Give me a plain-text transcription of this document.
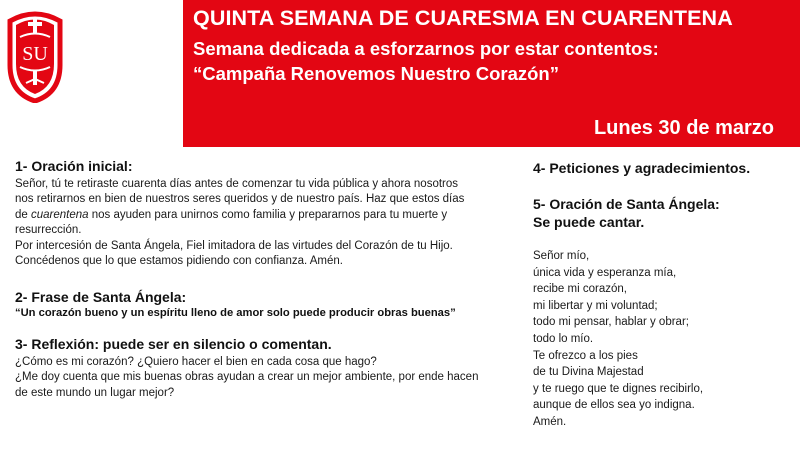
SU
QUINTA SEMANA DE CUARESMA EN CUARENTENA
Semana dedicada a esforzarnos por estar contentos:
“Campaña Renovemos Nuestro Corazón”
Lunes 30 de marzo
1- Oración inicial:
Señor, tú te retiraste cuarenta días antes de comenzar tu vida pública y ahora nosotros
nos retirarnos en bien de nuestros seres queridos y de nuestro país. Haz que estos días
de cuarentena nos ayuden para unirnos como familia y prepararnos para tu muerte y
resurrección.
Por intercesión de Santa Ángela, Fiel imitadora de las virtudes del Corazón de tu Hijo.
Concédenos que lo que estamos pidiendo con confianza. Amén.
2- Frase de Santa Ángela:
“Un corazón bueno y un espíritu lleno de amor solo puede producir obras buenas”
3- Reflexión: puede ser en silencio o comentan.
¿Cómo es mi corazón? ¿Quiero hacer el bien en cada cosa que hago?
¿Me doy cuenta que mis buenas obras ayudan a crear un mejor ambiente, por ende hacen
de este mundo un lugar mejor?
4- Peticiones y agradecimientos.
5- Oración de Santa Ángela:
Se puede cantar.
Señor mío,
única vida y esperanza mía,
recibe mi corazón,
mi libertar y mi voluntad;
todo mi pensar, hablar y obrar;
todo lo mío.
Te ofrezco a los pies
de tu Divina Majestad
y te ruego que te dignes recibirlo,
aunque de ellos sea yo indigna.
Amén.
